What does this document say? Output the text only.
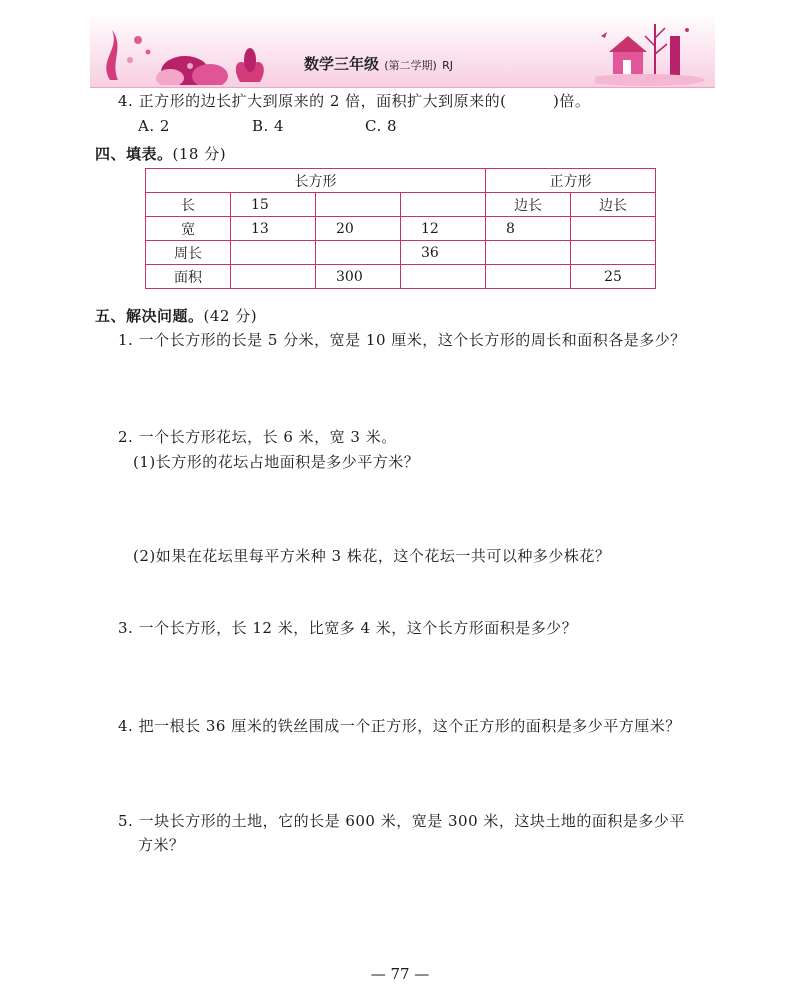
数学三年级 (第二学期) RJ
4. 正方形的边长扩大到原来的 2 倍，面积扩大到原来的(　　　)倍。
A. 2	B. 4	C. 8
四、填表。(18 分)
长方形				正方形	
长	15			边长	边长
宽	13	20	12	8	
周长			36		
面积		300			25
五、解决问题。(42 分)
1. 一个长方形的长是 5 分米，宽是 10 厘米，这个长方形的周长和面积各是多少？
2. 一个长方形花坛，长 6 米，宽 3 米。
(1)长方形的花坛占地面积是多少平方米？
(2)如果在花坛里每平方米种 3 株花，这个花坛一共可以种多少株花？
3. 一个长方形，长 12 米，比宽多 4 米，这个长方形面积是多少？
4. 把一根长 36 厘米的铁丝围成一个正方形，这个正方形的面积是多少平方厘米？
5. 一块长方形的土地，它的长是 600 米，宽是 300 米，这块土地的面积是多少平
方米？
— 77 —
